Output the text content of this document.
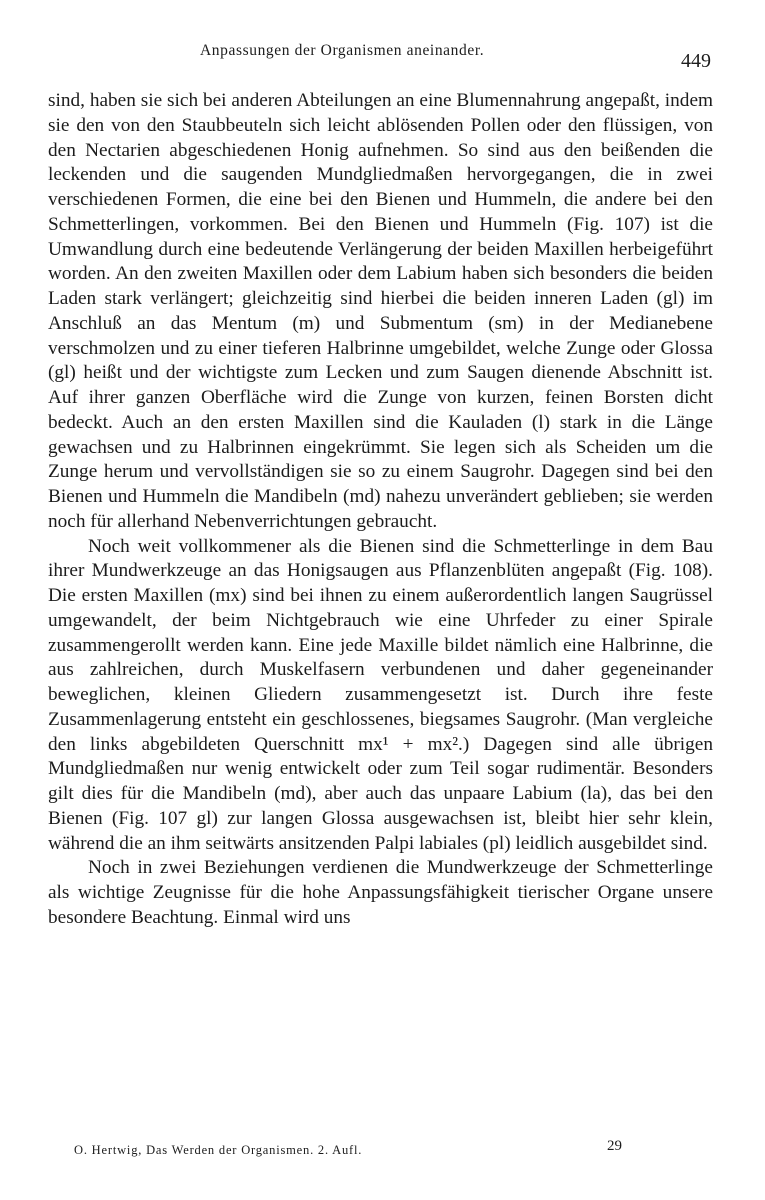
Anpassungen der Organismen aneinander.	449

sind, haben sie sich bei anderen Abteilungen an eine Blumennahrung angepaßt, indem sie den von den Staubbeuteln sich leicht ablösenden Pollen oder den flüssigen, von den Nectarien abgeschiedenen Honig aufnehmen. So sind aus den beißenden die leckenden und die saugenden Mundgliedmaßen hervorgegangen, die in zwei verschiedenen Formen, die eine bei den Bienen und Hummeln, die andere bei den Schmetterlingen, vorkommen. Bei den Bienen und Hummeln (Fig. 107) ist die Umwandlung durch eine bedeutende Verlängerung der beiden Maxillen herbeigeführt worden. An den zweiten Maxillen oder dem Labium haben sich besonders die beiden Laden stark verlängert; gleichzeitig sind hierbei die beiden inneren Laden (gl) im Anschluß an das Mentum (m) und Submentum (sm) in der Medianebene verschmolzen und zu einer tieferen Halbrinne umgebildet, welche Zunge oder Glossa (gl) heißt und der wichtigste zum Lecken und zum Saugen dienende Abschnitt ist. Auf ihrer ganzen Oberfläche wird die Zunge von kurzen, feinen Borsten dicht bedeckt. Auch an den ersten Maxillen sind die Kauladen (l) stark in die Länge gewachsen und zu Halbrinnen eingekrümmt. Sie legen sich als Scheiden um die Zunge herum und vervollständigen sie so zu einem Saugrohr. Dagegen sind bei den Bienen und Hummeln die Mandibeln (md) nahezu unverändert geblieben; sie werden noch für allerhand Nebenverrichtungen gebraucht.

Noch weit vollkommener als die Bienen sind die Schmetterlinge in dem Bau ihrer Mundwerkzeuge an das Honigsaugen aus Pflanzenblüten angepaßt (Fig. 108). Die ersten Maxillen (mx) sind bei ihnen zu einem außerordentlich langen Saugrüssel umgewandelt, der beim Nichtgebrauch wie eine Uhrfeder zu einer Spirale zusammengerollt werden kann. Eine jede Maxille bildet nämlich eine Halbrinne, die aus zahlreichen, durch Muskelfasern verbundenen und daher gegeneinander beweglichen, kleinen Gliedern zusammengesetzt ist. Durch ihre feste Zusammenlagerung entsteht ein geschlossenes, biegsames Saugrohr. (Man vergleiche den links abgebildeten Querschnitt mx¹ + mx².) Dagegen sind alle übrigen Mundgliedmaßen nur wenig entwickelt oder zum Teil sogar rudimentär. Besonders gilt dies für die Mandibeln (md), aber auch das unpaare Labium (la), das bei den Bienen (Fig. 107 gl) zur langen Glossa ausgewachsen ist, bleibt hier sehr klein, während die an ihm seitwärts ansitzenden Palpi labiales (pl) leidlich ausgebildet sind.

Noch in zwei Beziehungen verdienen die Mundwerkzeuge der Schmetterlinge als wichtige Zeugnisse für die hohe Anpassungsfähigkeit tierischer Organe unsere besondere Beachtung. Einmal wird uns

O. Hertwig, Das Werden der Organismen. 2. Aufl.	29
